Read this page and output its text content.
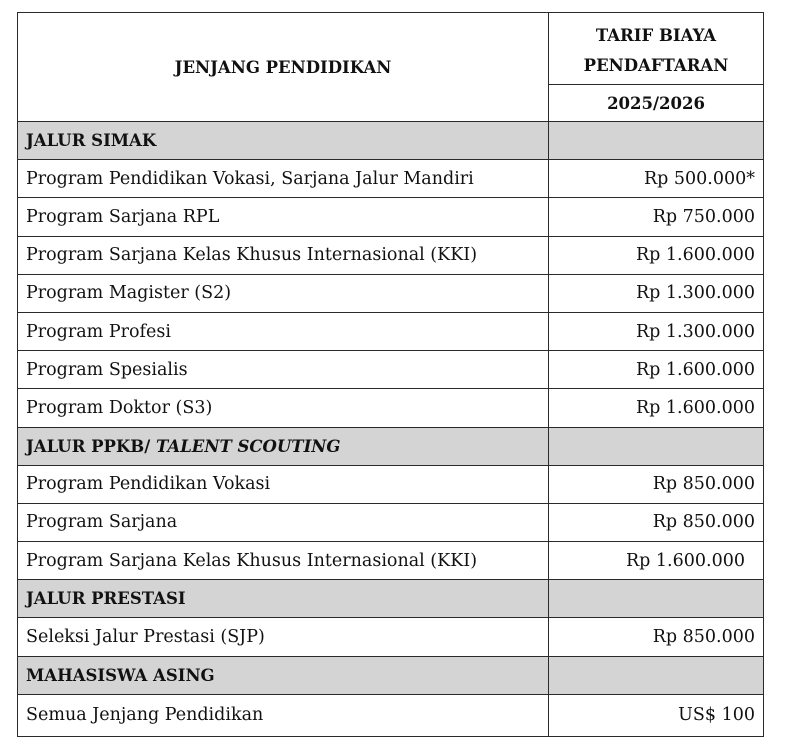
JENJANG PENDIDIKAN	TARIF BIAYA
PENDAFTARAN
	2025/2026
JALUR SIMAK	
Program Pendidikan Vokasi, Sarjana Jalur Mandiri	Rp 500.000*
Program Sarjana RPL	Rp 750.000
Program Sarjana Kelas Khusus Internasional (KKI)	Rp 1.600.000
Program Magister (S2)	Rp 1.300.000
Program Profesi	Rp 1.300.000
Program Spesialis	Rp 1.600.000
Program Doktor (S3)	Rp 1.600.000
JALUR PPKB/ TALENT SCOUTING	
Program Pendidikan Vokasi	Rp 850.000
Program Sarjana	Rp 850.000
Program Sarjana Kelas Khusus Internasional (KKI)	Rp 1.600.000
JALUR PRESTASI	
Seleksi Jalur Prestasi (SJP)	Rp 850.000
MAHASISWA ASING	
Semua Jenjang Pendidikan	US$ 100
